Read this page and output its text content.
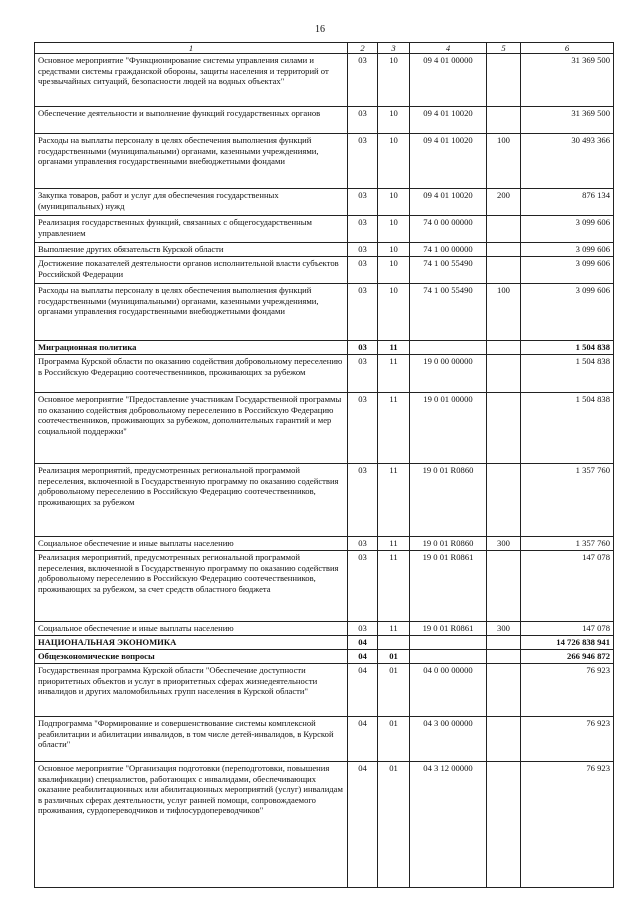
16
1	2	3	4	5	6
Основное мероприятие "Функционирование системы управления силами и средствами системы гражданской обороны, защиты населения и территорий от чрезвычайных ситуаций, безопасности людей на водных объектах"	03	10	09 4 01 00000		31 369 500
Обеспечение деятельности и выполнение функций государственных органов	03	10	09 4 01 10020		31 369 500
Расходы на выплаты персоналу в целях обеспечения выполнения функций государственными (муниципальными) органами, казенными учреждениями, органами управления государственными внебюджетными фондами	03	10	09 4 01 10020	100	30 493 366
Закупка товаров, работ и услуг для обеспечения государственных (муниципальных) нужд	03	10	09 4 01 10020	200	876 134
Реализация государственных функций, связанных с общегосударственным управлением	03	10	74 0 00 00000		3 099 606
Выполнение других обязательств Курской области	03	10	74 1 00 00000		3 099 606
Достижение показателей деятельности органов исполнительной власти субъектов Российской Федерации	03	10	74 1 00 55490		3 099 606
Расходы на выплаты персоналу в целях обеспечения выполнения функций государственными (муниципальными) органами, казенными учреждениями, органами управления государственными внебюджетными фондами	03	10	74 1 00 55490	100	3 099 606
Миграционная политика	03	11			1 504 838
Программа Курской области по оказанию содействия добровольному переселению в Российскую Федерацию соотечественников, проживающих за рубежом	03	11	19 0 00 00000		1 504 838
Основное мероприятие "Предоставление участникам Государственной программы по оказанию содействия добровольному переселению в Российскую Федерацию соотечественников, проживающих за рубежом, дополнительных гарантий и мер социальной поддержки"	03	11	19 0 01 00000		1 504 838
Реализация мероприятий, предусмотренных региональной программой переселения, включенной в Государственную программу по оказанию содействия добровольному переселению в Российскую Федерацию соотечественников, проживающих за рубежом	03	11	19 0 01 R0860		1 357 760
Социальное обеспечение и иные выплаты населению	03	11	19 0 01 R0860	300	1 357 760
Реализация мероприятий, предусмотренных региональной программой переселения, включенной в Государственную программу по оказанию содействия добровольному переселению в Российскую Федерацию соотечественников, проживающих за рубежом, за счет средств областного бюджета	03	11	19 0 01 R0861		147 078
Социальное обеспечение и иные выплаты населению	03	11	19 0 01 R0861	300	147 078
НАЦИОНАЛЬНАЯ ЭКОНОМИКА	04				14 726 838 941
Общеэкономические вопросы	04	01			266 946 872
Государственная программа Курской области "Обеспечение доступности приоритетных объектов и услуг в приоритетных сферах жизнедеятельности инвалидов и других маломобильных групп населения в Курской области"	04	01	04 0 00 00000		76 923
Подпрограмма "Формирование и совершенствование системы комплексной реабилитации и абилитации инвалидов, в том числе детей-инвалидов, в Курской области"	04	01	04 3 00 00000		76 923
Основное мероприятие "Организация подготовки (переподготовки, повышения квалификации) специалистов, работающих с инвалидами, обеспечивающих оказание реабилитационных или абилитационных мероприятий (услуг) инвалидам в различных сферах деятельности, услуг ранней помощи, сопровождаемого проживания, сурдопереводчиков и тифлосурдопереводчиков"	04	01	04 3 12 00000		76 923
